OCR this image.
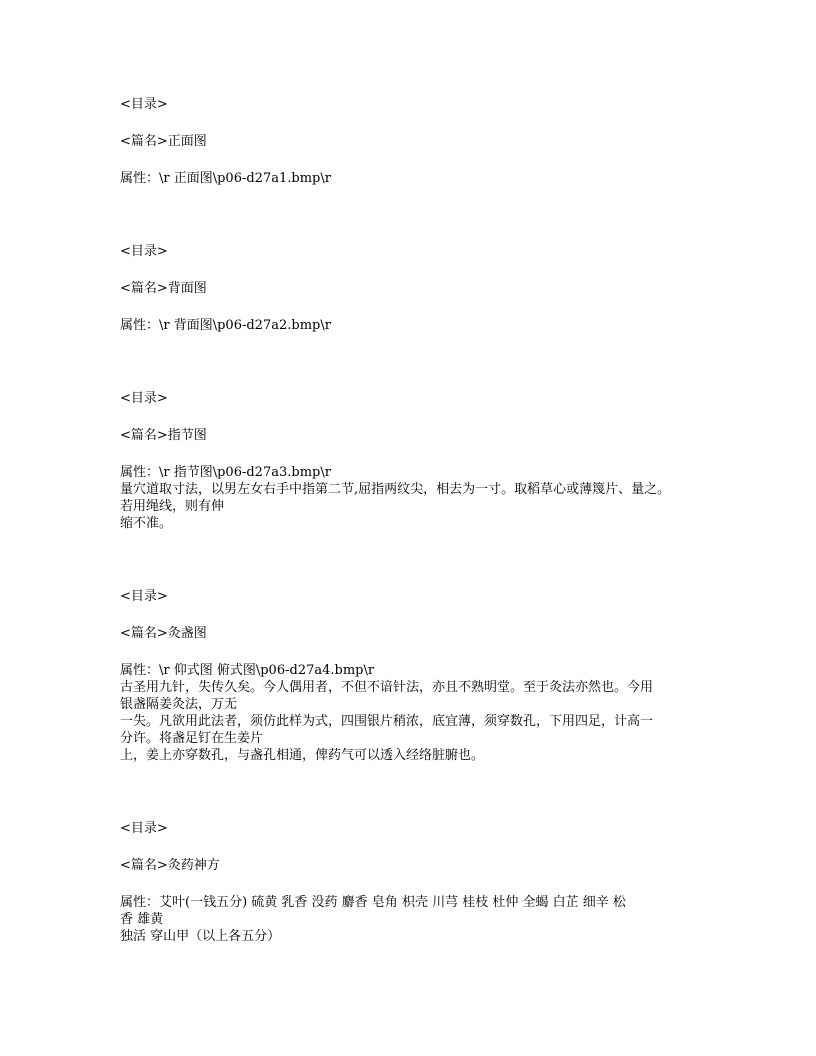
<目录>

<篇名>正面图

属性：\r 正面图\p06-d27a1.bmp\r

<目录>

<篇名>背面图

属性：\r 背面图\p06-d27a2.bmp\r

<目录>

<篇名>指节图

属性：\r 指节图\p06-d27a3.bmp\r

量穴道取寸法，以男左女右手中指第二节,屈指两纹尖，相去为一寸。取稻草心或薄篾片、量之。

若用绳线，则有伸

缩不准。

<目录>

<篇名>灸盏图

属性：\r 仰式图 俯式图\p06-d27a4.bmp\r

古圣用九针，失传久矣。今人偶用者，不但不谙针法，亦且不熟明堂。至于灸法亦然也。今用

银盏隔姜灸法，万无

一失。凡欲用此法者，须仿此样为式，四围银片稍浓，底宜薄，须穿数孔，下用四足，计高一

分许。将盏足钉在生姜片

上，姜上亦穿数孔，与盏孔相通，俾药气可以透入经络脏腑也。

<目录>

<篇名>灸药神方

属性：艾叶(一钱五分) 硫黄 乳香 没药 麝香 皂角 枳壳 川芎 桂枝 杜仲 全蝎 白芷 细辛 松

香 雄黄

独活 穿山甲（以上各五分）
